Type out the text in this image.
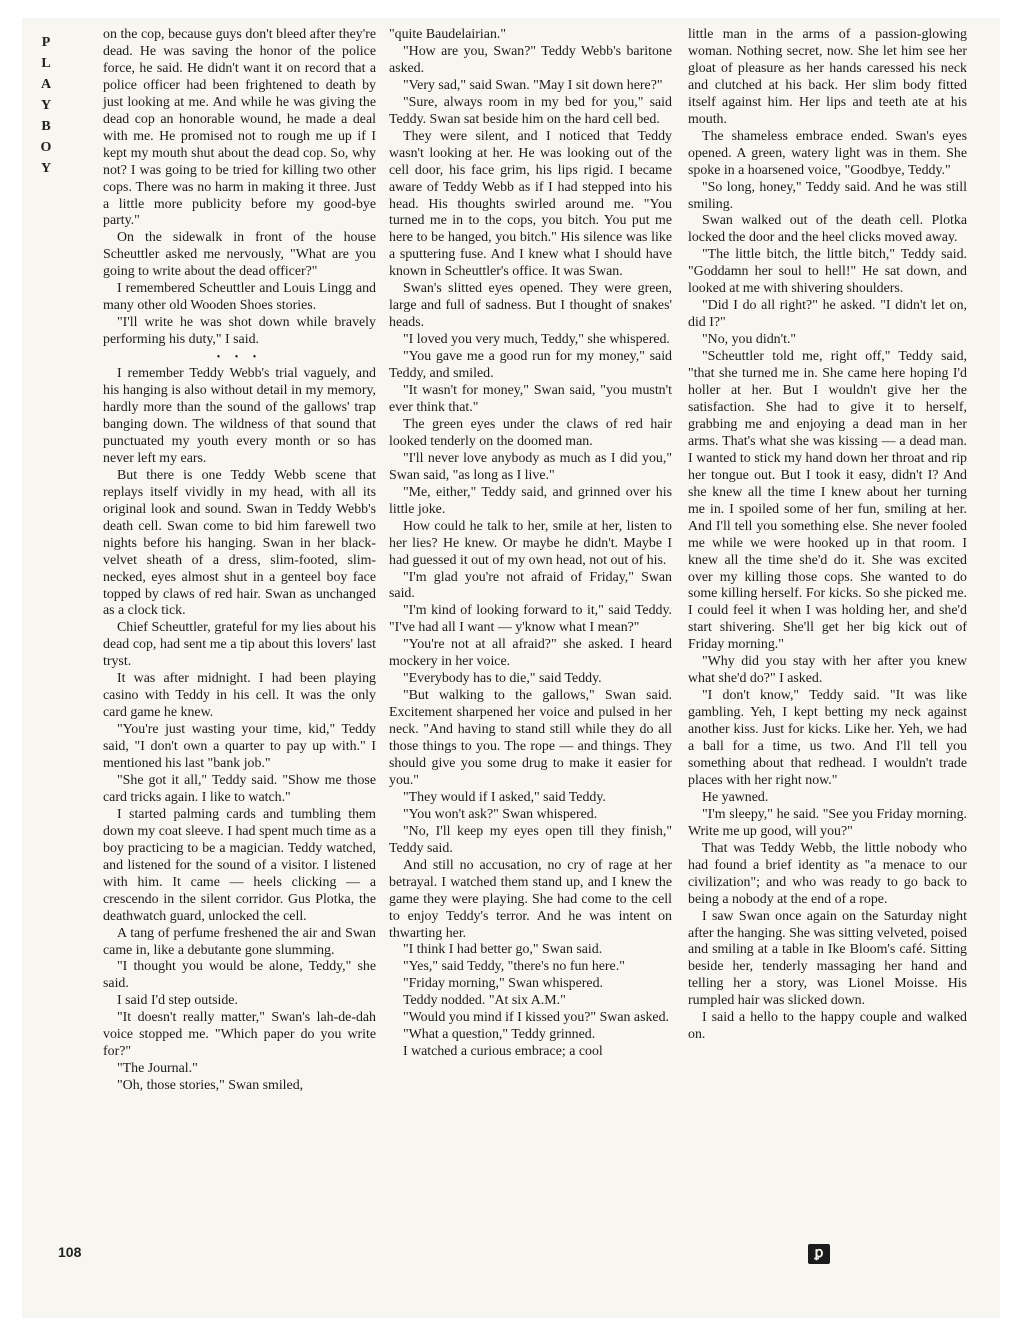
P
L
A
Y
B
O
Y

on the cop, because guys don't bleed after they're dead. He was saving the honor of the police force, he said. He didn't want it on record that a police officer had been frightened to death by just looking at me. And while he was giving the dead cop an honorable wound, he made a deal with me. He promised not to rough me up if I kept my mouth shut about the dead cop. So, why not? I was going to be tried for killing two other cops. There was no harm in making it three. Just a little more publicity before my good-bye party."

On the sidewalk in front of the house Scheuttler asked me nervously, "What are you going to write about the dead officer?"

I remembered Scheuttler and Louis Lingg and many other old Wooden Shoes stories.

"I'll write he was shot down while bravely performing his duty," I said.

• • •

I remember Teddy Webb's trial vaguely, and his hanging is also without detail in my memory, hardly more than the sound of the gallows' trap banging down. The wildness of that sound that punctuated my youth every month or so has never left my ears.

But there is one Teddy Webb scene that replays itself vividly in my head, with all its original look and sound. Swan in Teddy Webb's death cell. Swan come to bid him farewell two nights before his hanging. Swan in her black-velvet sheath of a dress, slim-footed, slim-necked, eyes almost shut in a genteel boy face topped by claws of red hair. Swan as unchanged as a clock tick.

Chief Scheuttler, grateful for my lies about his dead cop, had sent me a tip about this lovers' last tryst.

It was after midnight. I had been playing casino with Teddy in his cell. It was the only card game he knew.

"You're just wasting your time, kid," Teddy said, "I don't own a quarter to pay up with." I mentioned his last "bank job."

"She got it all," Teddy said. "Show me those card tricks again. I like to watch."

I started palming cards and tumbling them down my coat sleeve. I had spent much time as a boy practicing to be a magician. Teddy watched, and listened for the sound of a visitor. I listened with him. It came — heels clicking — a crescendo in the silent corridor. Gus Plotka, the deathwatch guard, unlocked the cell.

A tang of perfume freshened the air and Swan came in, like a debutante gone slumming.

"I thought you would be alone, Teddy," she said.

I said I'd step outside.

"It doesn't really matter," Swan's lah-de-dah voice stopped me. "Which paper do you write for?"

"The Journal."

"Oh, those stories," Swan smiled,

"quite Baudelairian."

"How are you, Swan?" Teddy Webb's baritone asked.

"Very sad," said Swan. "May I sit down here?"

"Sure, always room in my bed for you," said Teddy. Swan sat beside him on the hard cell bed.

They were silent, and I noticed that Teddy wasn't looking at her. He was looking out of the cell door, his face grim, his lips rigid. I became aware of Teddy Webb as if I had stepped into his head. His thoughts swirled around me. "You turned me in to the cops, you bitch. You put me here to be hanged, you bitch." His silence was like a sputtering fuse. And I knew what I should have known in Scheuttler's office. It was Swan.

Swan's slitted eyes opened. They were green, large and full of sadness. But I thought of snakes' heads.

"I loved you very much, Teddy," she whispered.

"You gave me a good run for my money," said Teddy, and smiled.

"It wasn't for money," Swan said, "you mustn't ever think that."

The green eyes under the claws of red hair looked tenderly on the doomed man.

"I'll never love anybody as much as I did you," Swan said, "as long as I live."

"Me, either," Teddy said, and grinned over his little joke.

How could he talk to her, smile at her, listen to her lies? He knew. Or maybe he didn't. Maybe I had guessed it out of my own head, not out of his.

"I'm glad you're not afraid of Friday," Swan said.

"I'm kind of looking forward to it," said Teddy. "I've had all I want — y'know what I mean?"

"You're not at all afraid?" she asked. I heard mockery in her voice.

"Everybody has to die," said Teddy.

"But walking to the gallows," Swan said. Excitement sharpened her voice and pulsed in her neck. "And having to stand still while they do all those things to you. The rope — and things. They should give you some drug to make it easier for you."

"They would if I asked," said Teddy.

"You won't ask?" Swan whispered.

"No, I'll keep my eyes open till they finish," Teddy said.

And still no accusation, no cry of rage at her betrayal. I watched them stand up, and I knew the game they were playing. She had come to the cell to enjoy Teddy's terror. And he was intent on thwarting her.

"I think I had better go," Swan said.

"Yes," said Teddy, "there's no fun here."

"Friday morning," Swan whispered.

Teddy nodded. "At six A.M."

"Would you mind if I kissed you?" Swan asked.

"What a question," Teddy grinned.

I watched a curious embrace; a cool

little man in the arms of a passion-glowing woman. Nothing secret, now. She let him see her gloat of pleasure as her hands caressed his neck and clutched at his back. Her slim body fitted itself against him. Her lips and teeth ate at his mouth.

The shameless embrace ended. Swan's eyes opened. A green, watery light was in them. She spoke in a hoarsened voice, "Goodbye, Teddy."

"So long, honey," Teddy said. And he was still smiling.

Swan walked out of the death cell. Plotka locked the door and the heel clicks moved away.

"The little bitch, the little bitch," Teddy said. "Goddamn her soul to hell!" He sat down, and looked at me with shivering shoulders.

"Did I do all right?" he asked. "I didn't let on, did I?"

"No, you didn't."

"Scheuttler told me, right off," Teddy said, "that she turned me in. She came here hoping I'd holler at her. But I wouldn't give her the satisfaction. She had to give it to herself, grabbing me and enjoying a dead man in her arms. That's what she was kissing — a dead man. I wanted to stick my hand down her throat and rip her tongue out. But I took it easy, didn't I? And she knew all the time I knew about her turning me in. I spoiled some of her fun, smiling at her. And I'll tell you something else. She never fooled me while we were hooked up in that room. I knew all the time she'd do it. She was excited over my killing those cops. She wanted to do some killing herself. For kicks. So she picked me. I could feel it when I was holding her, and she'd start shivering. She'll get her big kick out of Friday morning."

"Why did you stay with her after you knew what she'd do?" I asked.

"I don't know," Teddy said. "It was like gambling. Yeh, I kept betting my neck against another kiss. Just for kicks. Like her. Yeh, we had a ball for a time, us two. And I'll tell you something about that redhead. I wouldn't trade places with her right now."

He yawned.

"I'm sleepy," he said. "See you Friday morning. Write me up good, will you?"

That was Teddy Webb, the little nobody who had found a brief identity as "a menace to our civilization"; and who was ready to go back to being a nobody at the end of a rope.

I saw Swan once again on the Saturday night after the hanging. She was sitting velveted, poised and smiling at a table in Ike Bloom's café. Sitting beside her, tenderly massaging her hand and telling her a story, was Lionel Moisse. His rumpled hair was slicked down.

I said a hello to the happy couple and walked on.

108	ꝑ
